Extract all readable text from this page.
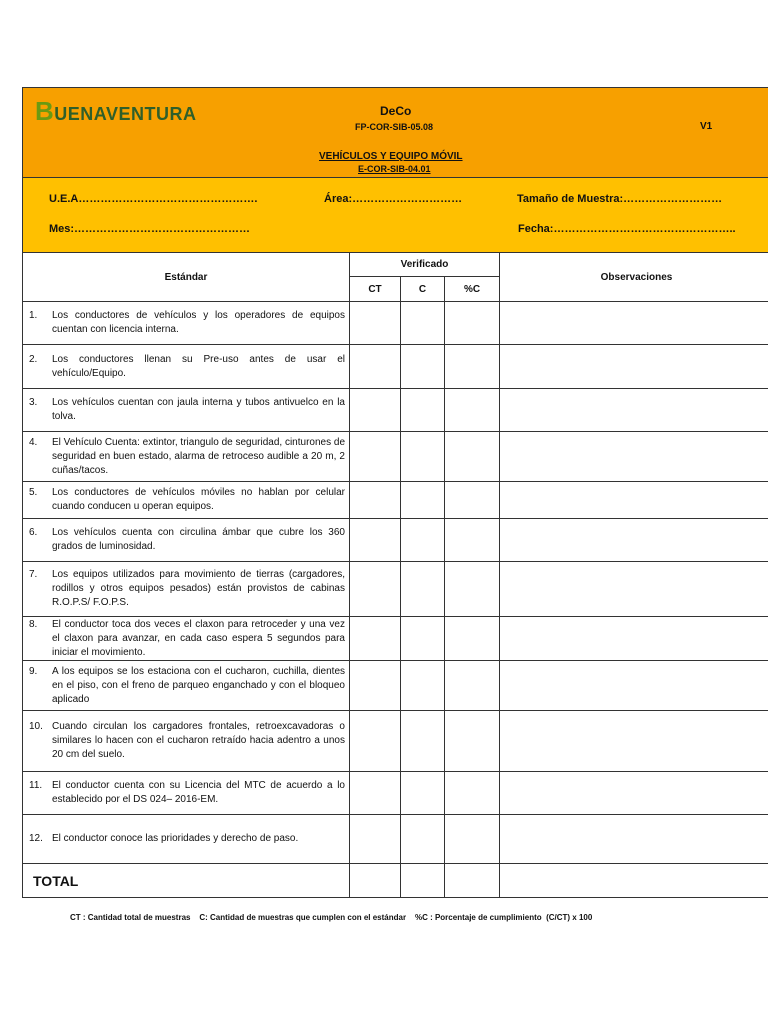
BUENAVENTURA	DeCo
FP-COR-SIB-05.08	V1
VEHÍCULOS Y EQUIPO MÓVIL
E-COR-SIB-04.01
U.E.A………………………………………….	Área:…………………………	Tamaño de Muestra:………………………
Mes:…………………………………………	Fecha:…………………………………………..
Estándar	Verificado			Observaciones
	CT	C	%C	

1. Los conductores de vehículos y los operadores de equipos cuentan con licencia interna.				

2. Los conductores llenan su Pre-uso antes de usar el vehículo/Equipo.				

3. Los vehículos cuentan con jaula interna y tubos antivuelco en la tolva.				

4. El Vehículo Cuenta: extintor, triangulo de seguridad, cinturones de seguridad en buen estado, alarma de retroceso audible a 20 m, 2 cuñas/tacos.				

5. Los conductores de vehículos móviles no hablan por celular cuando conducen u operan equipos.				

6. Los vehículos cuenta con circulina ámbar que cubre los 360 grados de luminosidad.				

7. Los equipos utilizados para movimiento de tierras (cargadores, rodillos y otros equipos pesados) están provistos de cabinas R.O.P.S/ F.O.P.S.				

8. El conductor toca dos veces el claxon para retroceder y una vez el claxon para avanzar, en cada caso espera 5 segundos para iniciar el movimiento.				

9. A los equipos se los estaciona con el cucharon, cuchilla, dientes en el piso, con el freno de parqueo enganchado y con el bloqueo aplicado				

10. Cuando circulan los cargadores frontales, retroexcavadoras o similares lo hacen con el cucharon retraído hacia adentro a unos 20 cm del suelo.				

11. El conductor cuenta con su Licencia del MTC de acuerdo a lo establecido por el DS 024– 2016-EM.				

12. El conductor conoce las prioridades y derecho de paso.				

TOTAL				
CT : Cantidad total de muestras    C: Cantidad de muestras que cumplen con el estándar    %C : Porcentaje de cumplimiento  (C/CT) x 100
